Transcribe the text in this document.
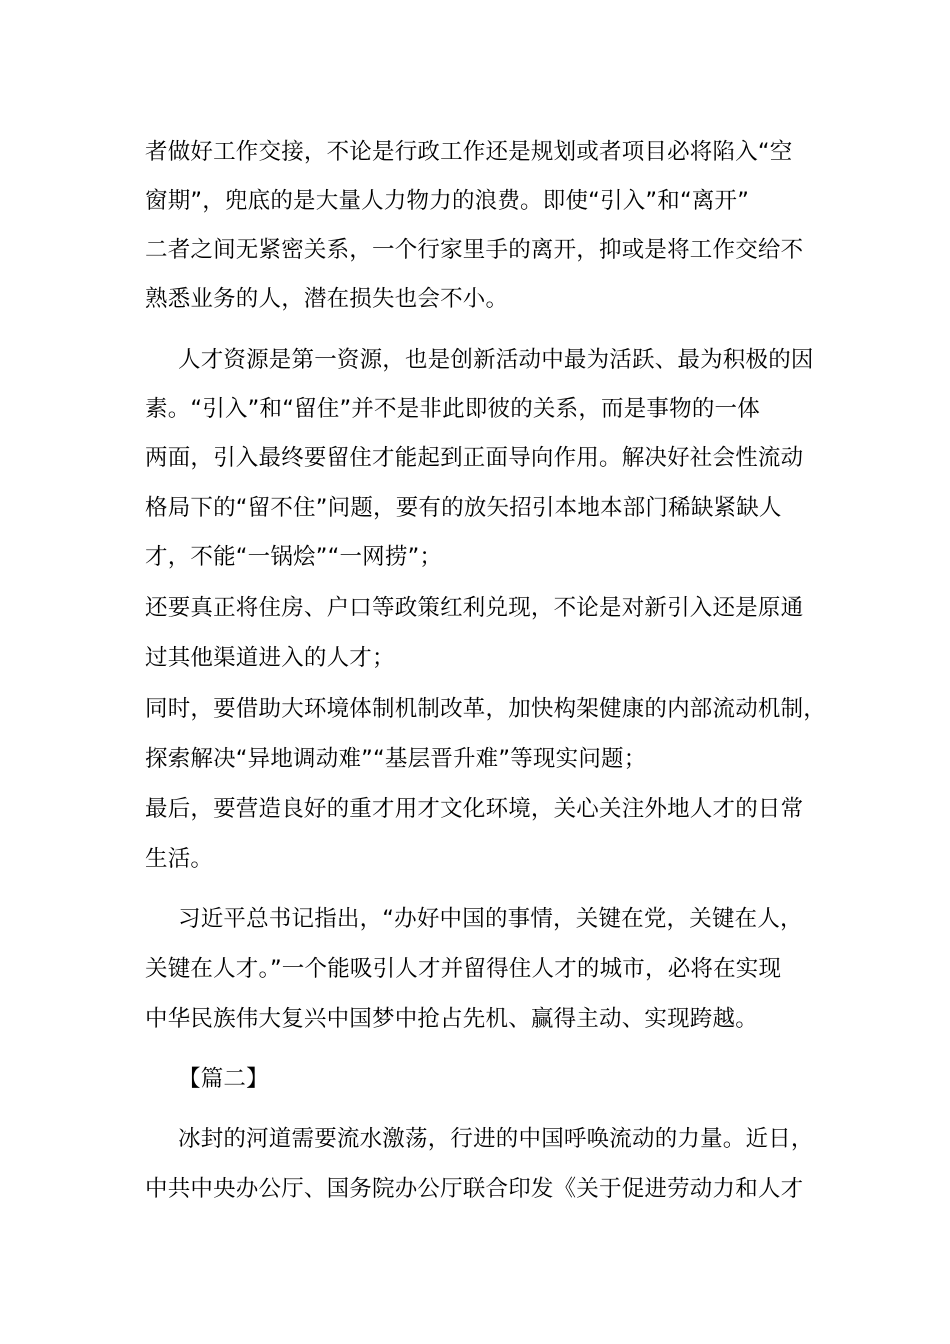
者做好工作交接，不论是行政工作还是规划或者项目必将陷入“空
窗期”，兜底的是大量人力物力的浪费。即使“引入”和“离开”
二者之间无紧密关系，一个行家里手的离开，抑或是将工作交给不
熟悉业务的人，潜在损失也会不小。
人才资源是第一资源，也是创新活动中最为活跃、最为积极的因
素。“引入”和“留住”并不是非此即彼的关系，而是事物的一体
两面，引入最终要留住才能起到正面导向作用。解决好社会性流动
格局下的“留不住”问题，要有的放矢招引本地本部门稀缺紧缺人
才，不能“一锅烩”“一网捞”；
还要真正将住房、户口等政策红利兑现，不论是对新引入还是原通
过其他渠道进入的人才；
同时，要借助大环境体制机制改革，加快构架健康的内部流动机制，
探索解决“异地调动难”“基层晋升难”等现实问题；
最后，要营造良好的重才用才文化环境，关心关注外地人才的日常
生活。
习近平总书记指出，“办好中国的事情，关键在党，关键在人，
关键在人才。”一个能吸引人才并留得住人才的城市，必将在实现
中华民族伟大复兴中国梦中抢占先机、赢得主动、实现跨越。
【篇二】
冰封的河道需要流水激荡，行进的中国呼唤流动的力量。近日，
中共中央办公厅、国务院办公厅联合印发《关于促进劳动力和人才
